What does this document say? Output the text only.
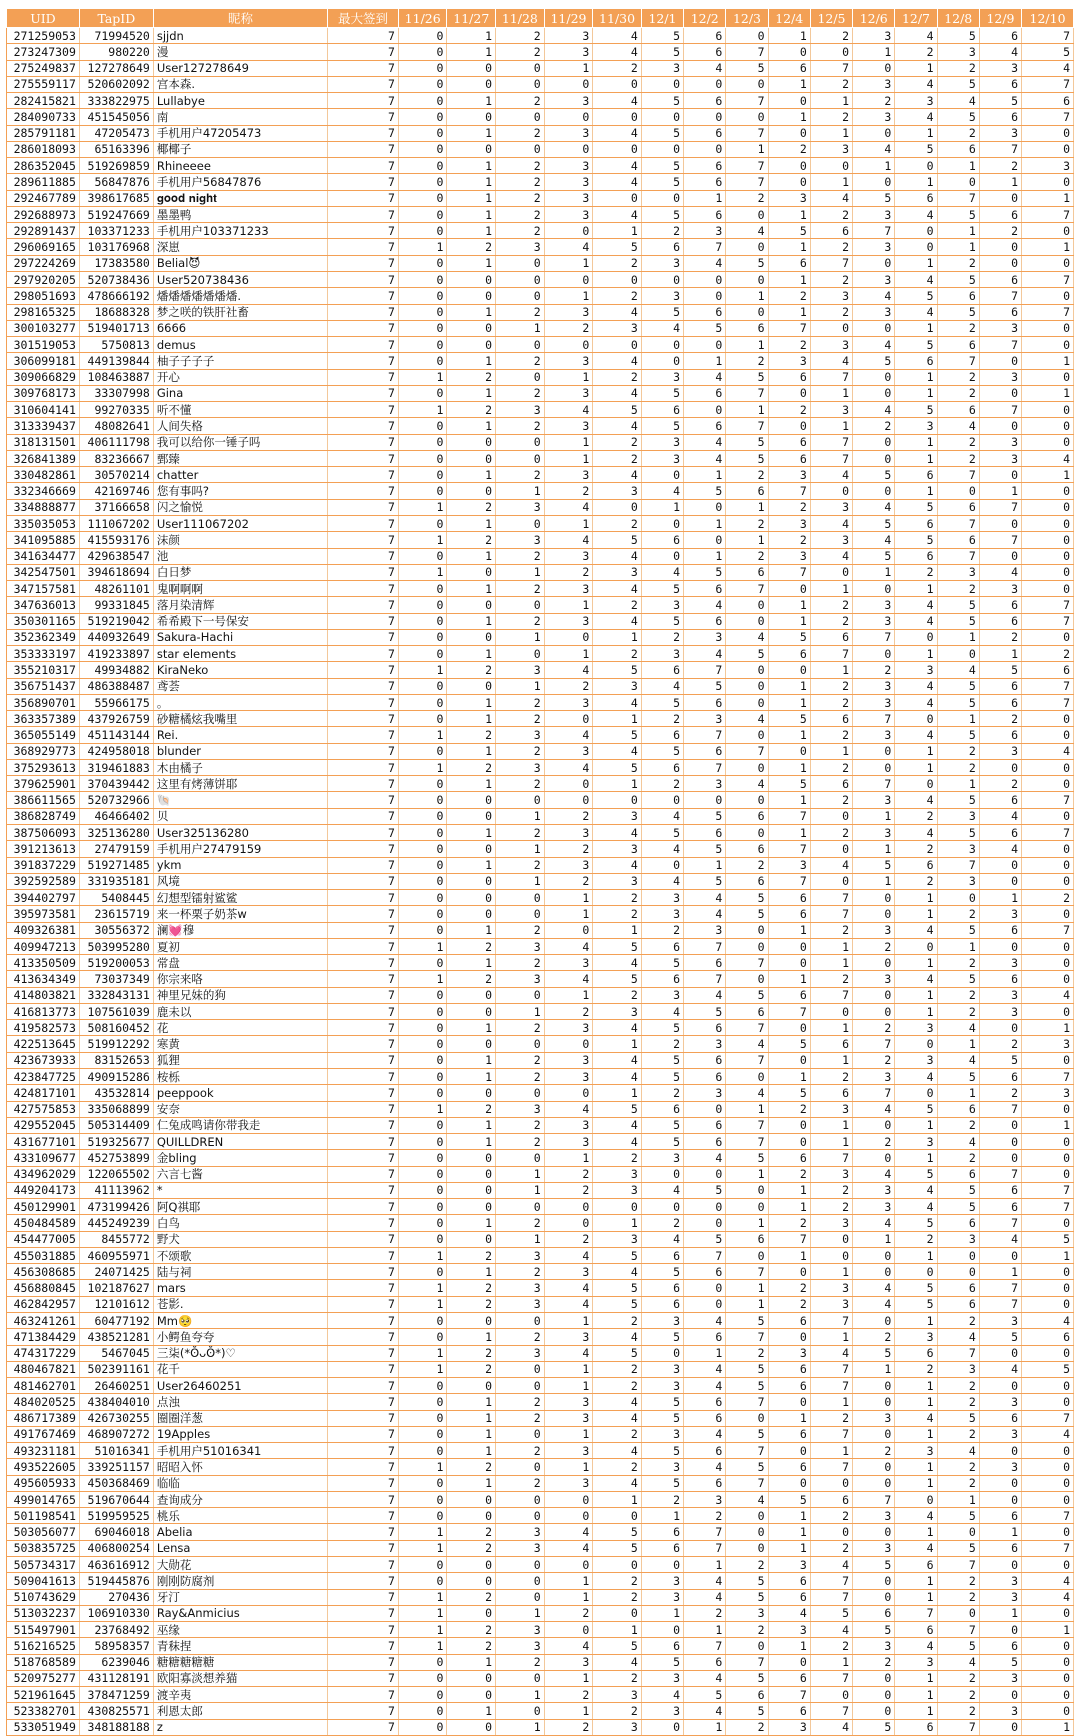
UID	TapID	昵称	最大签到	11/26	11/27	11/28	11/29	11/30	12/1	12/2	12/3	12/4	12/5	12/6	12/7	12/8	12/9	12/10
271259053	71994520	sjjdn	7	0	1	2	3	4	5	6	0	1	2	3	4	5	6	7
273247309	980220	漫	7	0	1	2	3	4	5	6	7	0	0	1	2	3	4	5
275249837	127278649	User127278649	7	0	0	0	1	2	3	4	5	6	7	0	1	2	3	4
275559117	520602092	宫本森.	7	0	0	0	0	0	0	0	0	1	2	3	4	5	6	7
282415821	333822975	Lullabye	7	0	1	2	3	4	5	6	7	0	1	2	3	4	5	6
284090733	451545056	南	7	0	0	0	0	0	0	0	0	1	2	3	4	5	6	7
285791181	47205473	手机用户47205473	7	0	1	2	3	4	5	6	7	0	1	0	1	2	3	0
286018093	65163396	椰椰子	7	0	0	0	0	0	0	0	1	2	3	4	5	6	7	0
286352045	519269859	Rhineeee	7	0	1	2	3	4	5	6	7	0	0	1	0	1	2	3
289611885	56847876	手机用户56847876	7	0	1	2	3	4	5	6	7	0	1	0	1	0	1	0
292467789	398617685	𝐠𝐨𝐨𝐝 𝐧𝐢𝐠𝐡𝐭	7	0	1	2	3	0	0	1	2	3	4	5	6	7	0	1
292688973	519247669	墨墨鸭	7	0	1	2	3	4	5	6	0	1	2	3	4	5	6	7
292891437	103371233	手机用户103371233	7	0	1	2	0	1	2	3	4	5	6	7	0	1	2	0
296069165	103176968	深崽	7	1	2	3	4	5	6	7	0	1	2	3	0	1	0	1
297224269	17383580	Belial😈	7	0	1	0	1	2	3	4	5	6	7	0	1	2	0	0
297920205	520738436	User520738436	7	0	0	0	0	0	0	0	0	1	2	3	4	5	6	7
298051693	478666192	燔燔燔燔燔燔燔.	7	0	0	0	1	2	3	0	1	2	3	4	5	6	7	0
298165325	18688328	梦之咲的铁肝社畜	7	0	1	2	3	4	5	6	0	1	2	3	4	5	6	7
300103277	519401713	6666	7	0	0	1	2	3	4	5	6	7	0	0	1	2	3	0
301519053	5750813	demus	7	0	0	0	0	0	0	0	1	2	3	4	5	6	7	0
306099181	449139844	柚子子子子	7	0	1	2	3	4	0	1	2	3	4	5	6	7	0	1
309066829	108463887	开心	7	1	2	0	1	2	3	4	5	6	7	0	1	2	3	0
309768173	33307998	Gina	7	0	1	2	3	4	5	6	7	0	1	0	1	2	0	1
310604141	99270335	听不懂	7	1	2	3	4	5	6	0	1	2	3	4	5	6	7	0
313339437	48082641	人间失格	7	0	1	2	3	4	5	6	7	0	1	2	3	4	0	0
318131501	406111798	我可以给你一锤子吗	7	0	0	0	1	2	3	4	5	6	7	0	1	2	3	0
326841389	83236667	鄄臻	7	0	0	0	1	2	3	4	5	6	7	0	1	2	3	4
330482861	30570214	chatter	7	0	1	2	3	4	0	1	2	3	4	5	6	7	0	1
332346669	42169746	您有事吗?	7	0	0	1	2	3	4	5	6	7	0	0	1	0	1	0
334888877	37166658	闪之愉悦	7	1	2	3	4	0	1	0	1	2	3	4	5	6	7	0
335035053	111067202	User111067202	7	0	1	0	1	2	0	1	2	3	4	5	6	7	0	0
341095885	415593176	沫颜	7	1	2	3	4	5	6	0	1	2	3	4	5	6	7	0
341634477	429638547	池	7	0	1	2	3	4	0	1	2	3	4	5	6	7	0	0
342547501	394618694	白日梦	7	1	0	1	2	3	4	5	6	7	0	1	2	3	4	0
347157581	48261101	鬼啊啊啊	7	0	1	2	3	4	5	6	7	0	1	0	1	2	3	0
347636013	99331845	落月染清辉	7	0	0	0	1	2	3	4	0	1	2	3	4	5	6	7
350301165	519219042	希希殿下一号保安	7	0	1	2	3	4	5	6	0	1	2	3	4	5	6	7
352362349	440932649	Sakura-Hachi	7	0	0	1	0	1	2	3	4	5	6	7	0	1	2	0
353333197	419233897	star elements	7	0	1	0	1	2	3	4	5	6	7	0	1	0	1	2
355210317	49934882	KiraNeko	7	1	2	3	4	5	6	7	0	0	1	2	3	4	5	6
356751437	486388487	鸢荟	7	0	0	1	2	3	4	5	0	1	2	3	4	5	6	7
356890701	55966175	。	7	0	1	2	3	4	5	6	0	1	2	3	4	5	6	7
363357389	437926759	砂糖橘炫我嘴里	7	0	1	2	0	1	2	3	4	5	6	7	0	1	2	0
365055149	451143144	Rei.	7	1	2	3	4	5	6	7	0	1	2	3	4	5	6	0
368929773	424958018	blunder	7	0	1	2	3	4	5	6	7	0	1	0	1	2	3	4
375293613	319461883	木由橘子	7	1	2	3	4	5	6	7	0	1	2	0	1	2	0	0
379625901	370439442	这里有烤薄饼耶	7	0	1	2	0	1	2	3	4	5	6	7	0	1	2	0
386611565	520732966	🐚	7	0	0	0	0	0	0	0	0	1	2	3	4	5	6	7
386828749	46466402	贝	7	0	0	1	2	3	4	5	6	7	0	1	2	3	4	0
387506093	325136280	User325136280	7	0	1	2	3	4	5	6	0	1	2	3	4	5	6	7
391213613	27479159	手机用户27479159	7	0	0	1	2	3	4	5	6	7	0	1	2	3	4	0
391837229	519271485	ykm	7	0	1	2	3	4	0	1	2	3	4	5	6	7	0	0
392592589	331935181	风境	7	0	0	1	2	3	4	5	6	7	0	1	2	3	0	0
394402797	5408445	幻想型镭射鲨鲨	7	0	0	0	1	2	3	4	5	6	7	0	1	0	1	2
395973581	23615719	来一杯栗子奶茶w	7	0	0	0	1	2	3	4	5	6	7	0	1	2	3	0
409326381	30556372	澜💓穆	7	0	1	2	0	1	2	3	0	1	2	3	4	5	6	7
409947213	503995280	夏初	7	1	2	3	4	5	6	7	0	0	1	2	0	1	0	0
413350509	519200053	常盘	7	0	1	2	3	4	5	6	7	0	1	0	1	2	3	0
413634349	73037349	你宗来咯	7	1	2	3	4	5	6	7	0	1	2	3	4	5	6	0
414803821	332843131	神里兄妹的狗	7	0	0	0	1	2	3	4	5	6	7	0	1	2	3	4
416813773	107561039	鹿未以	7	0	0	1	2	3	4	5	6	7	0	0	1	2	3	0
419582573	508160452	花	7	0	1	2	3	4	5	6	7	0	1	2	3	4	0	1
422513645	519912292	寒黄	7	0	0	0	0	1	2	3	4	5	6	7	0	1	2	3
423673933	83152653	狐狸	7	0	1	2	3	4	5	6	7	0	1	2	3	4	5	0
423847725	490915286	桉栎	7	0	1	2	3	4	5	6	0	1	2	3	4	5	6	7
424817101	43532814	peeppook	7	0	0	0	0	1	2	3	4	5	6	7	0	1	2	3
427575853	335068899	安奈	7	1	2	3	4	5	6	0	1	2	3	4	5	6	7	0
429552045	505314409	仁兔成鸣请你带我走	7	0	1	2	3	4	5	6	7	0	1	0	1	2	0	1
431677101	519325677	QUILLDREN	7	0	1	2	3	4	5	6	7	0	1	2	3	4	0	0
433109677	452753899	金bling	7	0	0	0	1	2	3	4	5	6	7	0	1	2	0	0
434962029	122065502	六言七酱	7	0	0	1	2	3	0	0	1	2	3	4	5	6	7	0
449204173	41113962	*	7	0	0	1	2	3	4	5	0	1	2	3	4	5	6	7
450129901	473199426	阿Q祺耶	7	0	0	0	0	0	0	0	0	1	2	3	4	5	6	7
450484589	445249239	白鸟	7	0	1	2	0	1	2	0	1	2	3	4	5	6	7	0
454477005	8455772	野犬	7	0	0	1	2	3	4	5	6	7	0	1	2	3	4	5
455031885	460955971	不颂歌	7	1	2	3	4	5	6	7	0	1	0	0	1	0	0	1
456308685	24071425	陆与祠	7	0	1	2	3	4	5	6	7	0	1	0	0	0	1	0
456880845	102187627	mars	7	1	2	3	4	5	6	0	1	2	3	4	5	6	7	0
462842957	12101612	苍影.	7	1	2	3	4	5	6	0	1	2	3	4	5	6	7	0
463241261	60477192	Mm🥺	7	0	0	0	1	2	3	4	5	6	7	0	1	2	3	4
471384429	438521281	小鳄鱼夸夸	7	0	1	2	3	4	5	6	7	0	1	2	3	4	5	6
474317229	5467045	三柒(*ʘ̆ᴗʘ̆*)♡	7	1	2	3	4	5	0	1	2	3	4	5	6	7	0	0
480467821	502391161	花千	7	1	2	0	1	2	3	4	5	6	7	1	2	3	4	5
481462701	26460251	User26460251	7	0	0	0	1	2	3	4	5	6	7	0	1	2	0	0
484020525	438404010	点浊	7	0	1	2	3	4	5	6	7	0	1	0	1	2	3	0
486717389	426730255	圈圈洋葱	7	0	1	2	3	4	5	6	0	1	2	3	4	5	6	7
491767469	468907272	19Apples	7	0	1	0	1	2	3	4	5	6	7	0	1	2	3	4
493231181	51016341	手机用户51016341	7	0	1	2	3	4	5	6	7	0	1	2	3	4	0	0
493522605	339251157	昭昭入怀	7	1	2	0	1	2	3	4	5	6	7	0	1	2	3	0
495605933	450368469	临临	7	0	1	2	3	4	5	6	7	0	0	0	1	2	0	0
499014765	519670644	查询成分	7	0	0	0	0	1	2	3	4	5	6	7	0	1	0	0
501198541	519959525	桃乐	7	0	0	0	0	0	1	2	0	1	2	3	4	5	6	7
503056077	69046018	Abelia	7	1	2	3	4	5	6	7	0	1	0	0	1	0	1	0
503835725	406800254	Lensa	7	1	2	3	4	5	6	7	0	1	2	3	4	5	6	7
505734317	463616912	大勋花	7	0	0	0	0	0	0	1	2	3	4	5	6	7	0	0
509041613	519445876	刚刚防腐剂	7	0	0	0	1	2	3	4	5	6	7	0	1	2	3	4
510743629	270436	牙汀	7	1	2	0	1	2	3	4	5	6	7	0	1	2	3	4
513032237	106910330	Ray&Anmicius	7	1	0	1	2	0	1	2	3	4	5	6	7	0	1	0
515497901	23768492	巫缘	7	1	2	3	0	1	0	1	2	3	4	5	6	7	0	1
516216525	58958357	青秣捏	7	1	2	3	4	5	6	7	0	1	2	3	4	5	6	0
518768589	6239046	糖糖糖糖糖	7	0	1	2	3	4	5	6	7	0	1	2	3	4	5	0
520975277	431128191	欧阳寡淡想养猫	7	0	0	0	1	2	3	4	5	6	7	0	1	2	3	0
521961645	378471259	渡辛夷	7	0	0	1	2	3	4	5	6	7	0	0	1	2	0	0
523382701	430825571	利恩太郎	7	0	1	0	1	2	3	4	5	6	7	0	1	2	3	0
533051949	348188188	z	7	0	0	1	2	3	0	1	2	3	4	5	6	7	0	1
